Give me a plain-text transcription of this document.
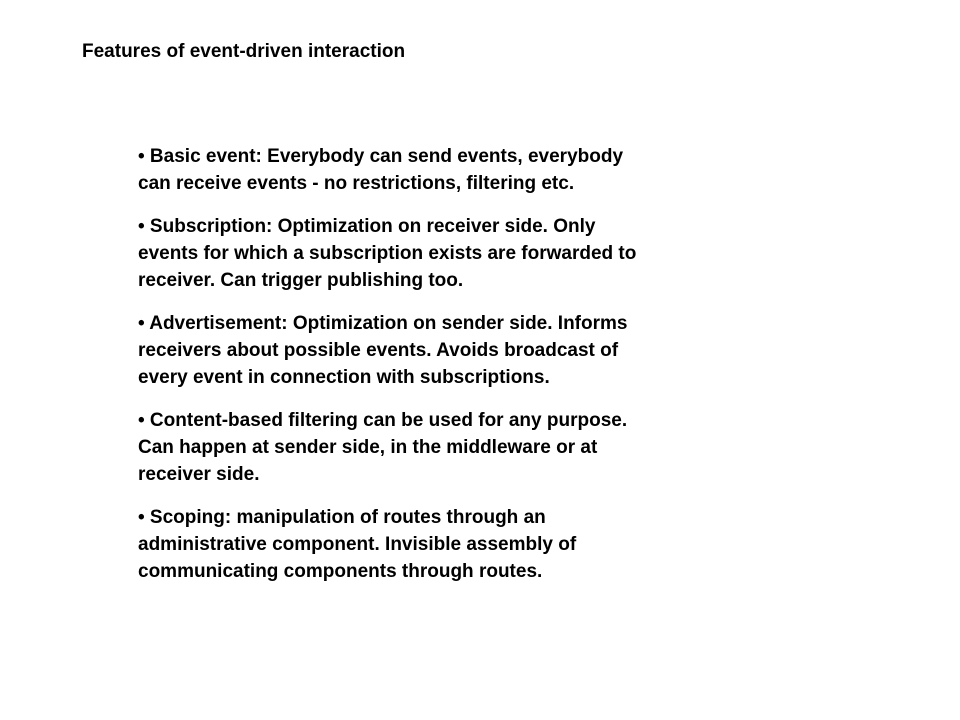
Features of event-driven interaction
• Basic event: Everybody can send events, everybody
can receive events - no restrictions, filtering etc.
• Subscription: Optimization on receiver side. Only
events for which a subscription exists are forwarded to
receiver. Can trigger publishing too.
• Advertisement: Optimization on sender side. Informs
receivers about possible events. Avoids broadcast of
every event in connection with subscriptions.
• Content-based filtering can be used for any purpose.
Can happen at sender side, in the middleware or at
receiver side.
• Scoping: manipulation of routes through an
administrative component. Invisible assembly of
communicating components through routes.
